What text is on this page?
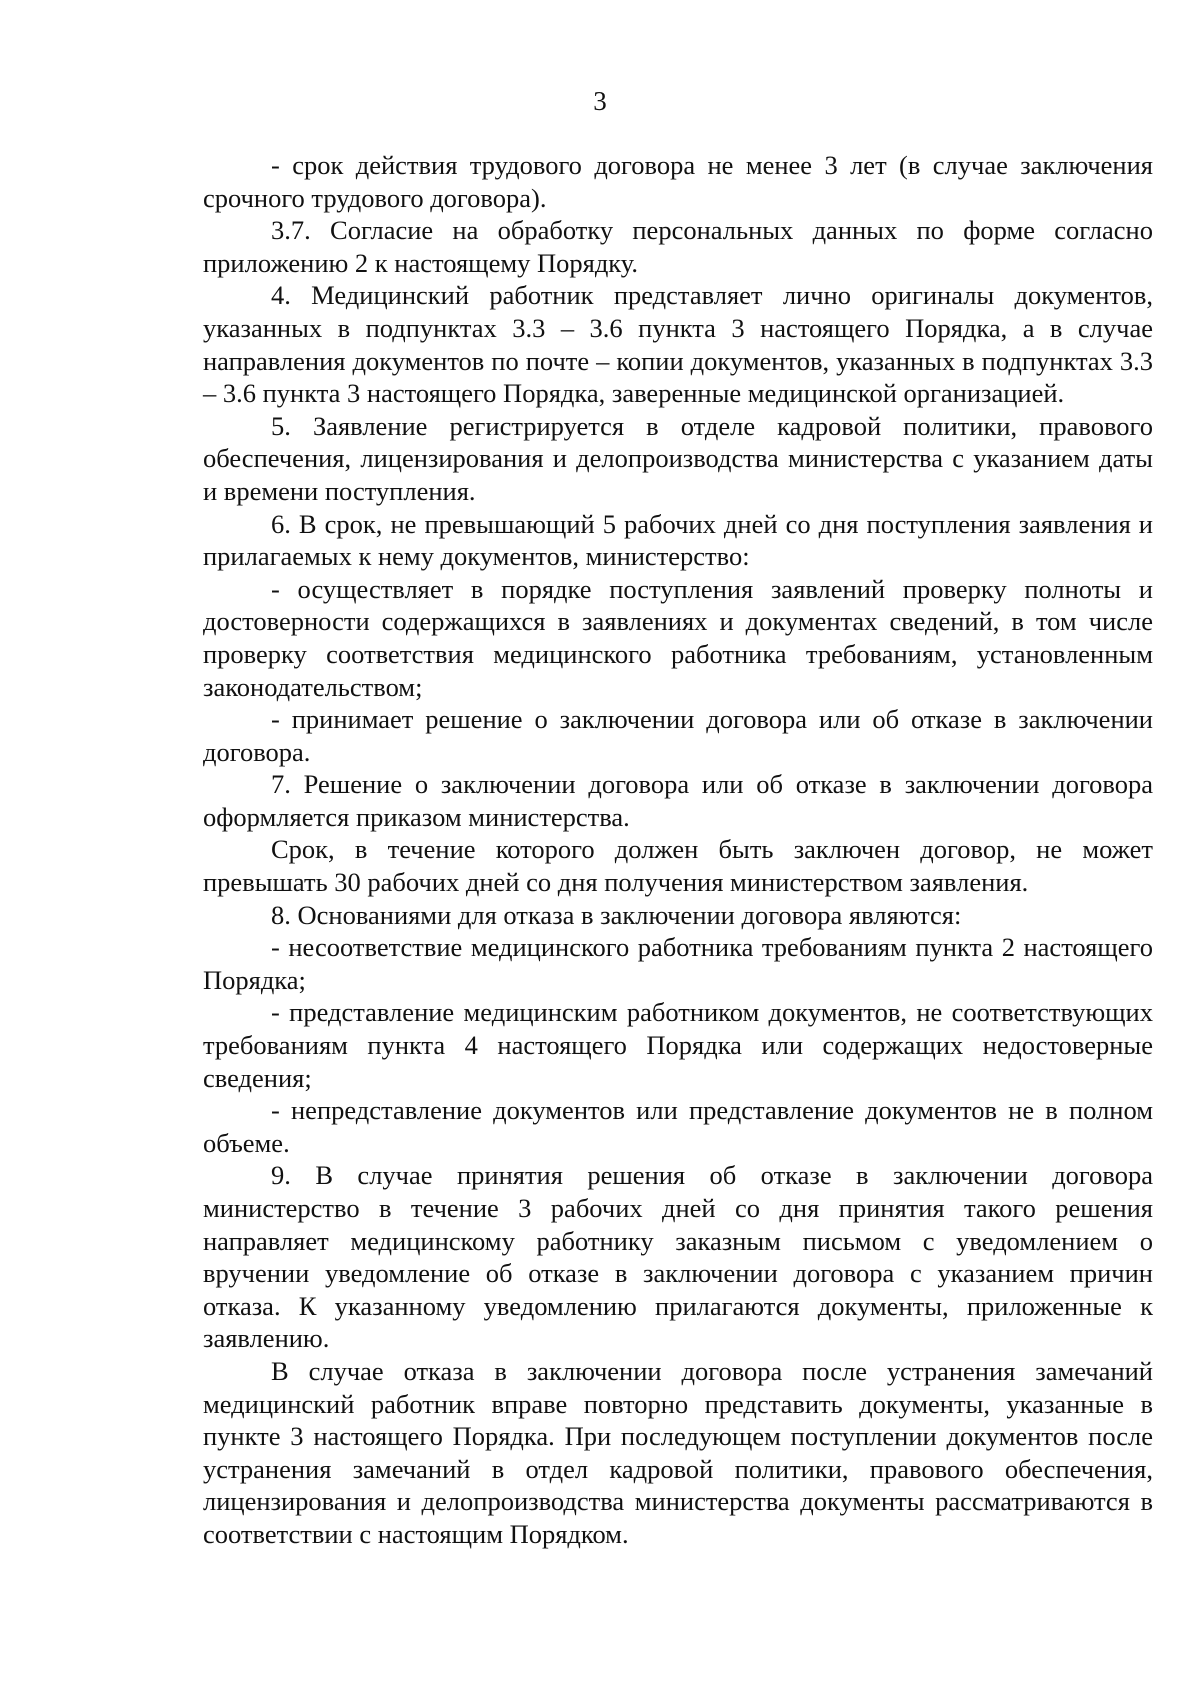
3

- срок действия трудового договора не менее 3 лет (в случае заключения срочного трудового договора).

3.7. Согласие на обработку персональных данных по форме согласно приложению 2 к настоящему Порядку.

4. Медицинский работник представляет лично оригиналы документов, указанных в подпунктах 3.3 – 3.6 пункта 3 настоящего Порядка, а в случае направления документов по почте – копии документов, указанных в подпунктах 3.3 – 3.6 пункта 3 настоящего Порядка, заверенные медицинской организацией.

5. Заявление регистрируется в отделе кадровой политики, правового обеспечения, лицензирования и делопроизводства министерства с указанием даты и времени поступления.

6. В срок, не превышающий 5 рабочих дней со дня поступления заявления и прилагаемых к нему документов, министерство:

- осуществляет в порядке поступления заявлений проверку полноты и достоверности содержащихся в заявлениях и документах сведений, в том числе проверку соответствия медицинского работника требованиям, установленным законодательством;

- принимает решение о заключении договора или об отказе в заключении договора.

7. Решение о заключении договора или об отказе в заключении договора оформляется приказом министерства.

Срок, в течение которого должен быть заключен договор, не может превышать 30 рабочих дней со дня получения министерством заявления.

8. Основаниями для отказа в заключении договора являются:

- несоответствие медицинского работника требованиям пункта 2 настоящего Порядка;

- представление медицинским работником документов, не соответствующих требованиям пункта 4 настоящего Порядка или содержащих недостоверные сведения;

- непредставление документов или представление документов не в полном объеме.

9. В случае принятия решения об отказе в заключении договора министерство в течение 3 рабочих дней со дня принятия такого решения направляет медицинскому работнику заказным письмом с уведомлением о вручении уведомление об отказе в заключении договора с указанием причин отказа. К указанному уведомлению прилагаются документы, приложенные к заявлению.

В случае отказа в заключении договора после устранения замечаний медицинский работник вправе повторно представить документы, указанные в пункте 3 настоящего Порядка. При последующем поступлении документов после устранения замечаний в отдел кадровой политики, правового обеспечения, лицензирования и делопроизводства министерства документы рассматриваются в соответствии с настоящим Порядком.
